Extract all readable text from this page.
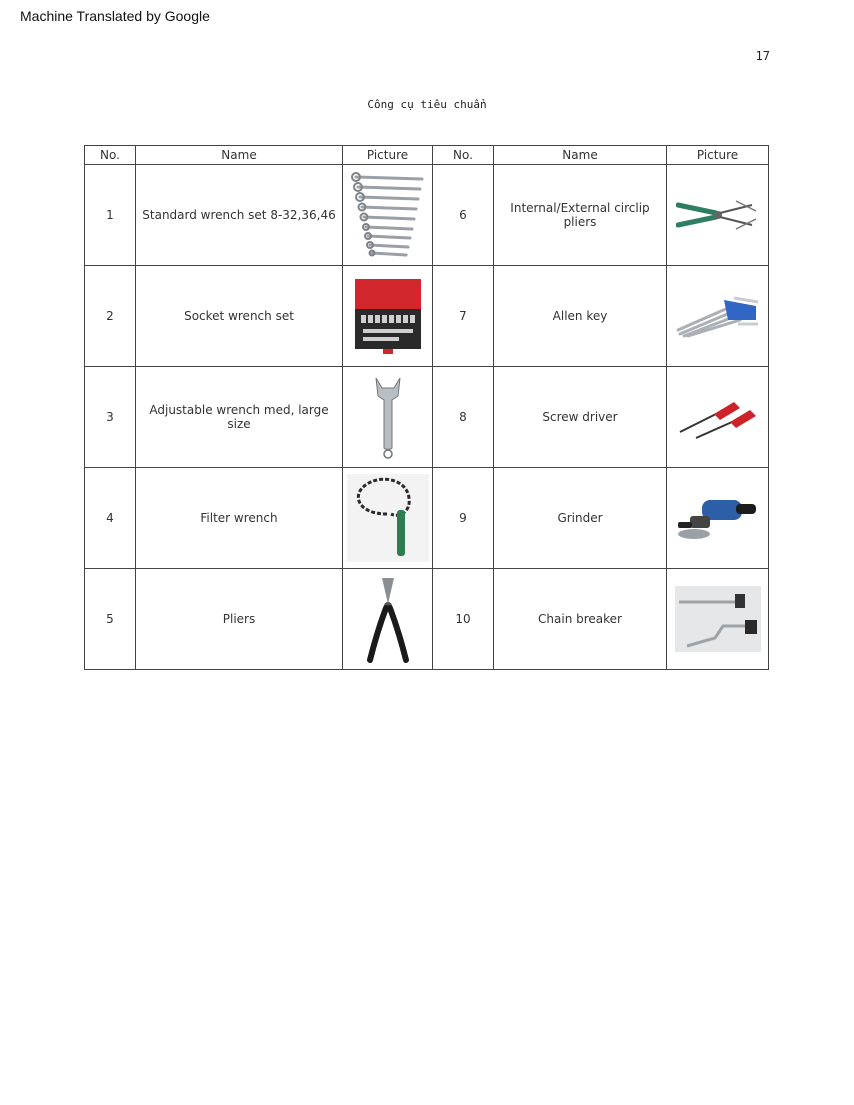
Machine Translated by Google
17
Công cụ tiêu chuẩn
No.	Name	Picture	No.	Name	Picture
1	Standard wrench set 8-32,36,46		6	Internal/External circlip pliers	

2	Socket wrench set		7	Allen key	

3	Adjustable wrench med, large size		8	Screw driver	

4	Filter wrench		9	Grinder	

5	Pliers		10	Chain breaker	
